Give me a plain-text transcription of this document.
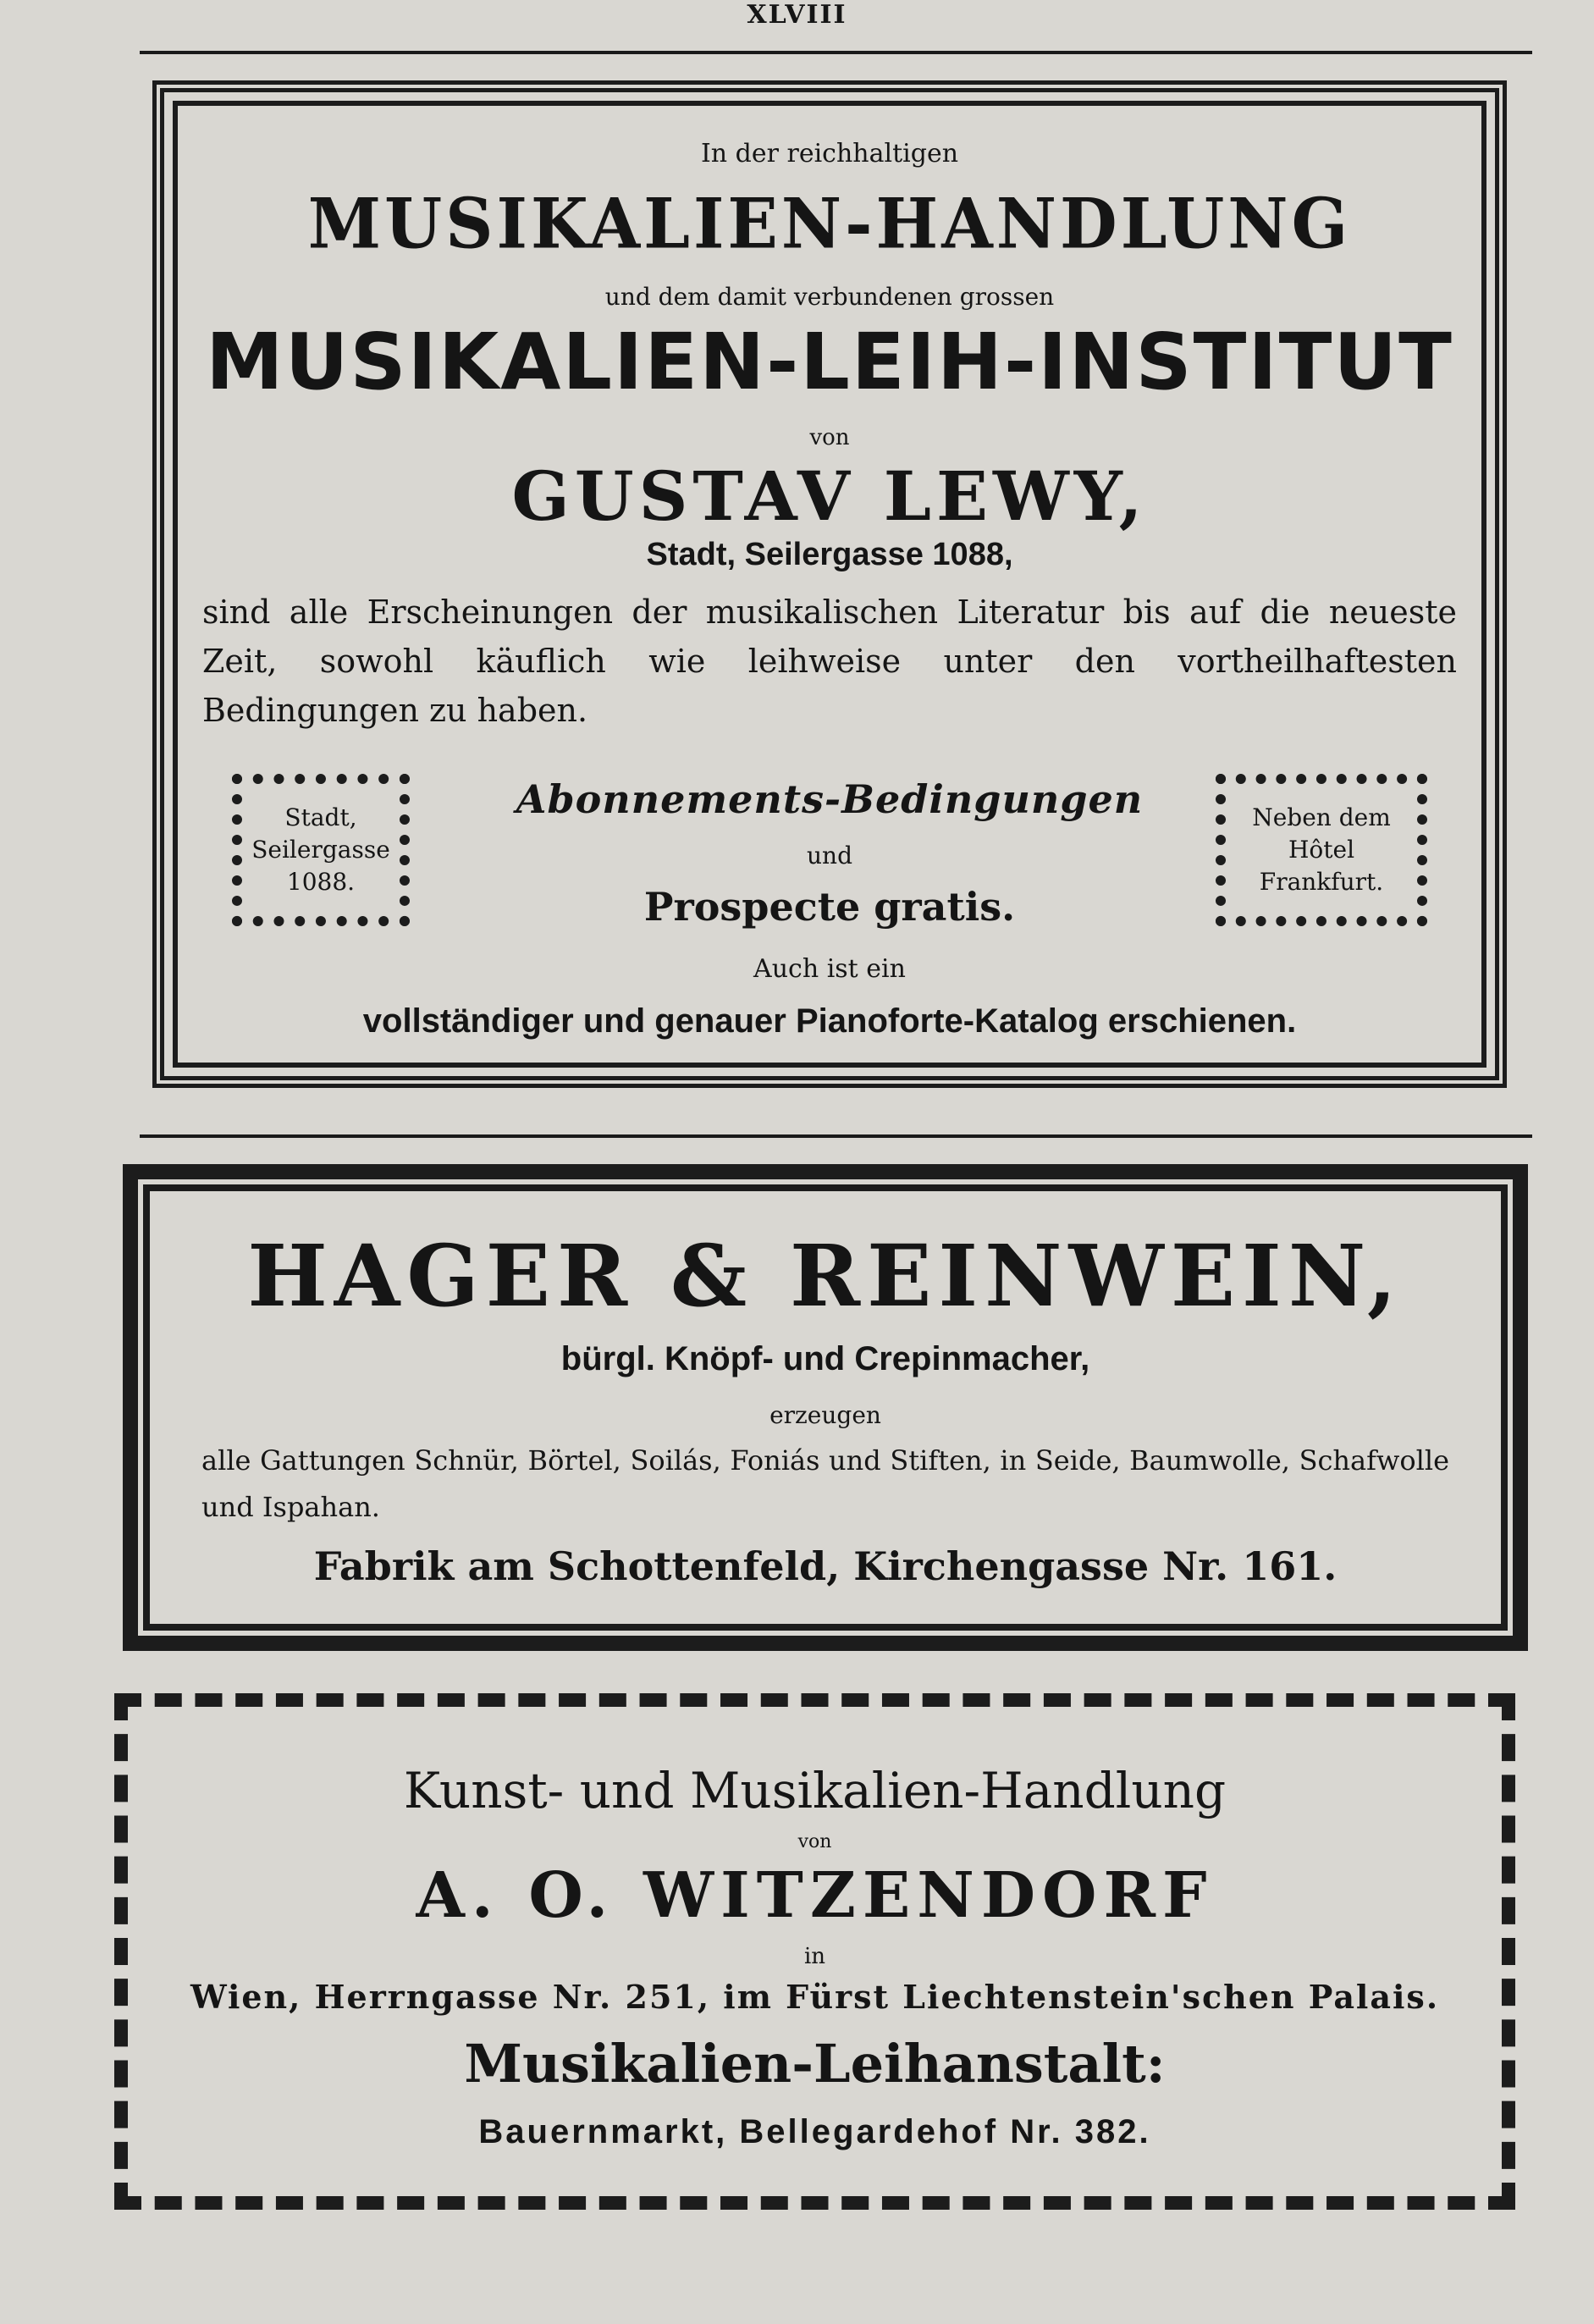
XLVIII
In der reichhaltigen
MUSIKALIEN-HANDLUNG
und dem damit verbundenen grossen
MUSIKALIEN-LEIH-INSTITUT
von
GUSTAV LEWY,
Stadt, Seilergasse 1088,
sind alle Erscheinungen der musikalischen Literatur bis auf die neueste Zeit, sowohl käuflich wie leihweise unter den vortheilhaftesten Bedingungen zu haben.
Stadt, Seilergasse 1088.
Neben dem Hôtel Frankfurt.
Abonnements-Bedingungen
und
Prospecte gratis.
Auch ist ein
vollständiger und genauer Pianoforte-Katalog erschienen.
HAGER & REINWEIN,
bürgl. Knöpf- und Crepinmacher,
erzeugen
alle Gattungen Schnür, Börtel, Soilás, Foniás und Stiften, in Seide, Baumwolle, Schafwolle und Ispahan.
Fabrik am Schottenfeld, Kirchengasse Nr. 161.
Kunst- und Musikalien-Handlung
von
A. O. WITZENDORF
in
Wien, Herrngasse Nr. 251, im Fürst Liechtenstein'schen Palais.
Musikalien-Leihanstalt:
Bauernmarkt, Bellegardehof Nr. 382.
